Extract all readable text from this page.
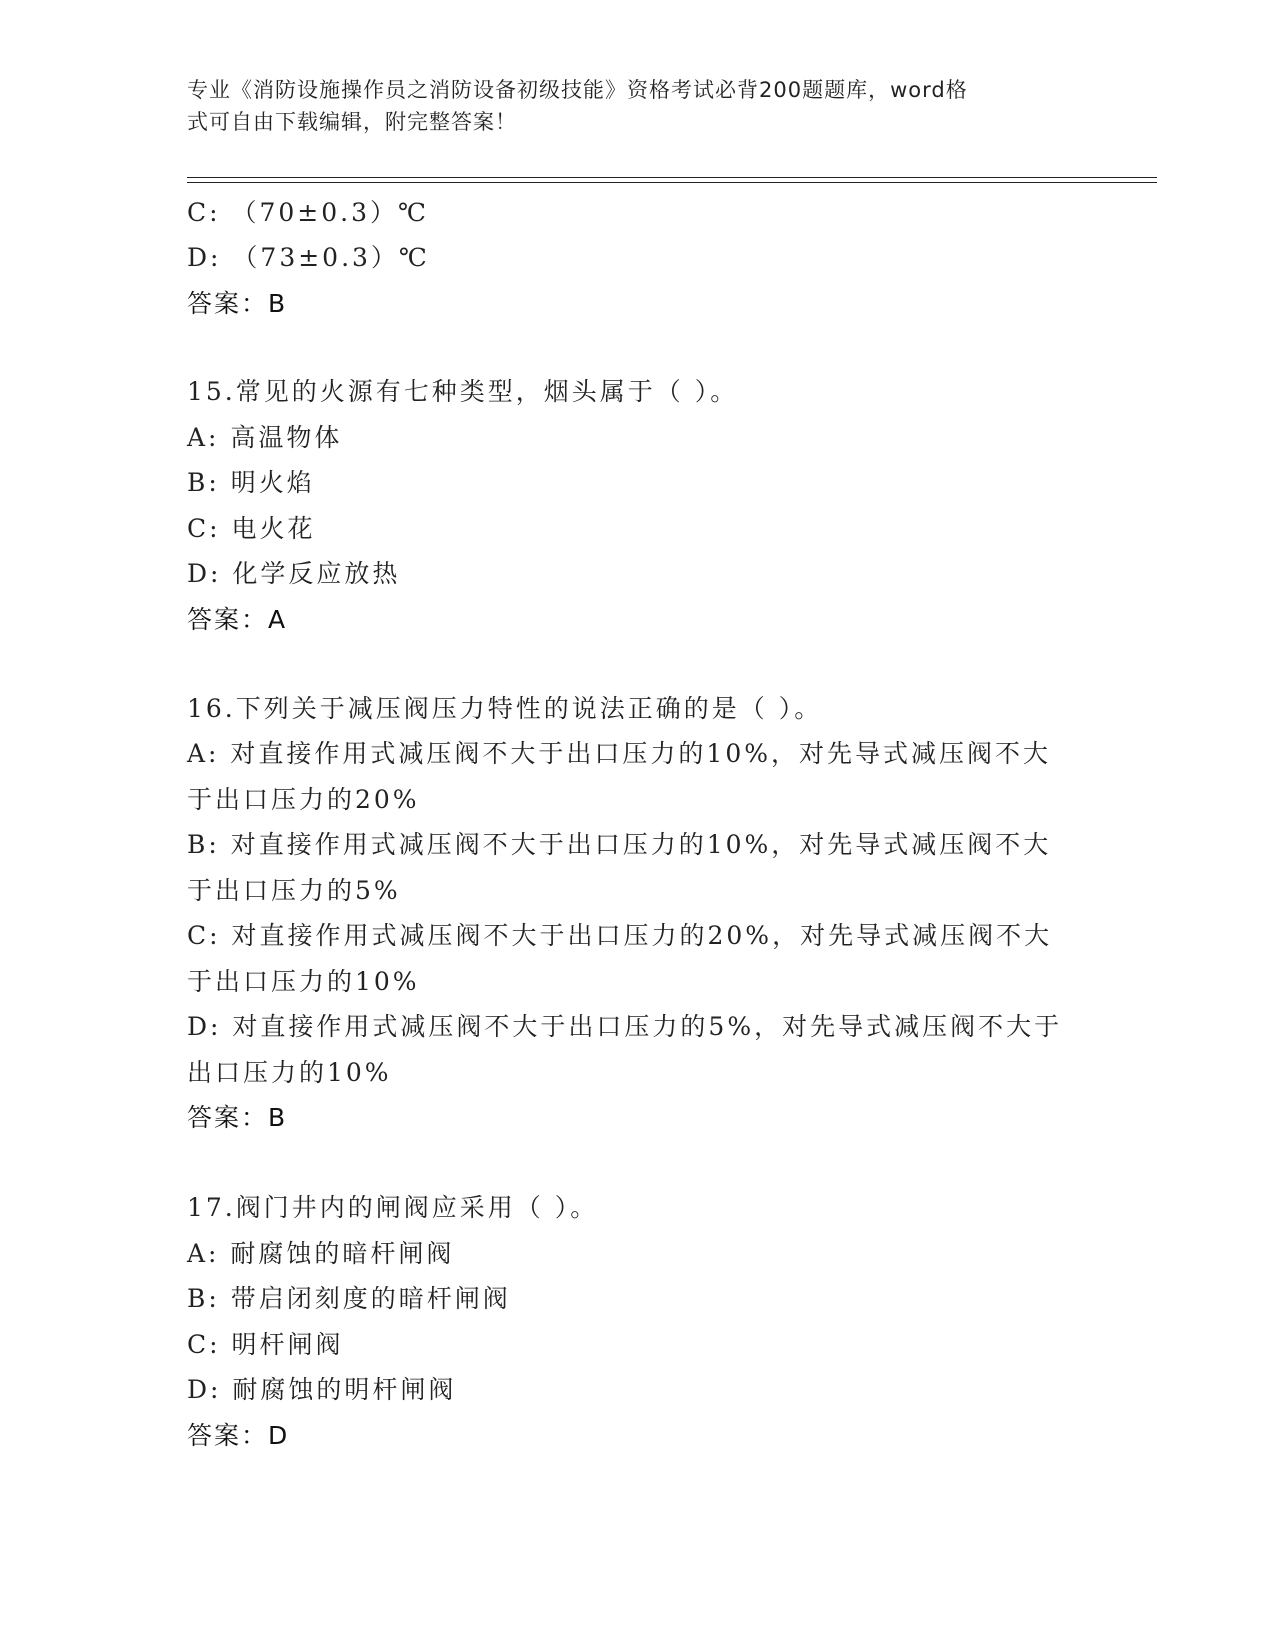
专业《消防设施操作员之消防设备初级技能》资格考试必背200题题库，word格
式可自由下载编辑，附完整答案！
C: （70±0.3）℃
D: （73±0.3）℃
答案：B
15.常见的火源有七种类型，烟头属于（ ）。
A: 高温物体
B: 明火焰
C: 电火花
D: 化学反应放热
答案：A
16.下列关于减压阀压力特性的说法正确的是（ ）。
A: 对直接作用式减压阀不大于出口压力的10%，对先导式减压阀不大
于出口压力的20%
B: 对直接作用式减压阀不大于出口压力的10%，对先导式减压阀不大
于出口压力的5%
C: 对直接作用式减压阀不大于出口压力的20%，对先导式减压阀不大
于出口压力的10%
D: 对直接作用式减压阀不大于出口压力的5%，对先导式减压阀不大于
出口压力的10%
答案：B
17.阀门井内的闸阀应采用（ ）。
A: 耐腐蚀的暗杆闸阀
B: 带启闭刻度的暗杆闸阀
C: 明杆闸阀
D: 耐腐蚀的明杆闸阀
答案：D
